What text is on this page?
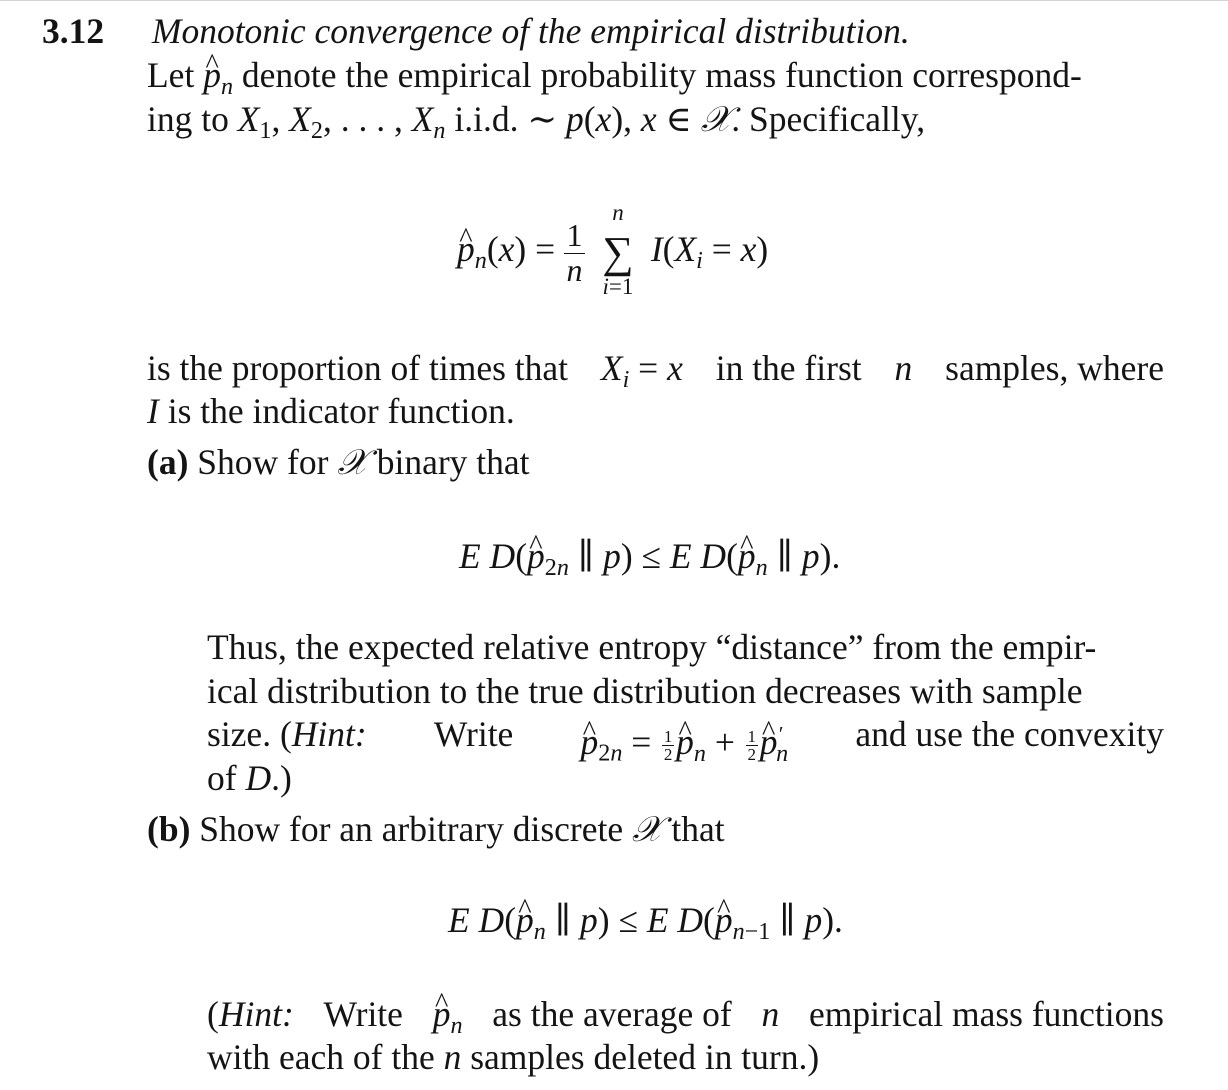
3.12 Monotonic convergence of the empirical distribution.
Let ^ $p_n$ denote the empirical probability mass function correspond-
ing to $X_1$, $X_2$, . . . , $X_n$ i.i.d. ∼ p(x), x ∈ 𝒳. Specifically,
^ $p_n(x) = \frac{1}{n}$

n
∑
i=1
$I(X_i = x)$
is the proportion of times that $X_i = x$ in the first n samples, where
I is the indicator function.
(a) Show for 𝒳 binary that
E D(^ $p_{2n}$ ∥ p) ≤ E D(^ $p_n$ ∥ p).
Thus, the expected relative entropy “distance” from the empir-
ical distribution to the true distribution decreases with sample
size. (Hint: Write ^ $p_{2n} = \frac{1}{2}$ ^ $p_n + \frac{1}{2}$ ^ $p'_n$ and use the convexity
of D.)
(b) Show for an arbitrary discrete 𝒳 that
E D(^ $p_n$ ∥ p) ≤ E D(^ $p_{n-1}$ ∥ p).
(Hint: Write ^ $p_n$ as the average of n empirical mass functions
with each of the n samples deleted in turn.)
